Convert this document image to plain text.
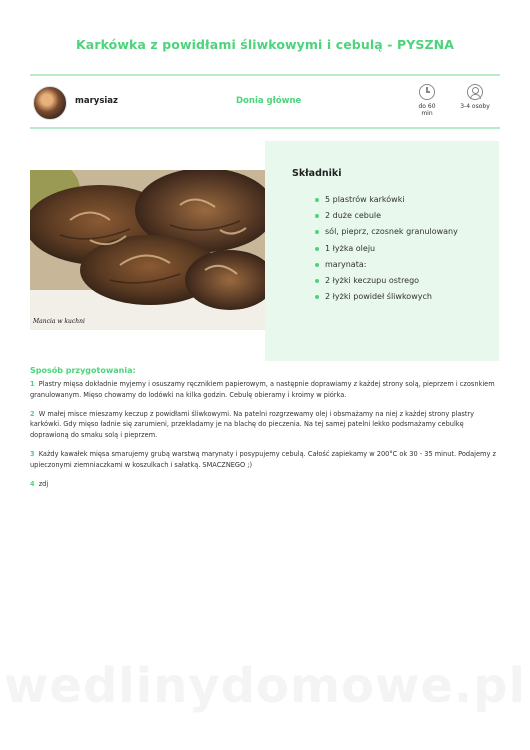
Karkówka z powidłami śliwkowymi i cebulą - PYSZNA
marysiaz	Donia główne
do 60 min
3-4 osoby
Mancia w kuchni
Składniki
5 plastrów karkówki
2 duże cebule
sól, pieprz, czosnek granulowany
1 łyżka oleju
marynata:
2 łyżki keczupu ostrego
2 łyżki powideł śliwkowych
Sposób przygotowania:

1 Plastry mięsa dokładnie myjemy i osuszamy ręcznikiem papierowym, a następnie doprawiamy z każdej strony solą, pieprzem i czosnkiem granulowanym. Mięso chowamy do lodówki na kilka godzin. Cebulę obieramy i kroimy w piórka.

2 W małej misce mieszamy keczup z powidłami śliwkowymi. Na patelni rozgrzewamy olej i obsmażamy na niej z każdej strony plastry karkówki. Gdy mięso ładnie się zarumieni, przekładamy je na blachę do pieczenia. Na tej samej patelni lekko podsmażamy cebulkę doprawioną do smaku solą i pieprzem.

3 Każdy kawałek mięsa smarujemy grubą warstwą marynaty i posypujemy cebulą. Całość zapiekamy w 200°C ok 30 - 35 minut. Podajemy z upieczonymi ziemniaczkami w koszulkach i sałatką. SMACZNEGO ;)

4 zdj

wedlinydomowe.pl
